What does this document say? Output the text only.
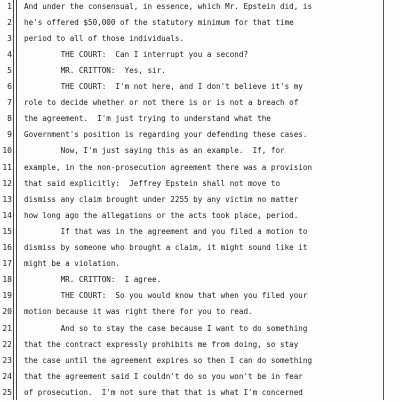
1 And under the consensual, in essence, which Mr. Epstein did, is
2 he's offered $50,000 of the statutory minimum for that time
3 period to all of those individuals.
4 THE COURT:  Can I interrupt you a second?
5 MR. CRITTON:  Yes, sir.
6 THE COURT:  I'm not here, and I don't believe it's my
7 role to decide whether or not there is or is not a breach of
8 the agreement.  I'm just trying to understand what the
9 Government's position is regarding your defending these cases.
10 Now, I'm just saying this as an example.  If, for
11 example, in the non-prosecution agreement there was a provision
12 that said explicitly:  Jeffrey Epstein shall not move to
13 dismiss any claim brought under 2255 by any victim no matter
14 how long ago the allegations or the acts took place, period.
15 If that was in the agreement and you filed a motion to
16 dismiss by someone who brought a claim, it might sound like it
17 might be a violation.
18 MR. CRITTON:  I agree.
19 THE COURT:  So you would know that when you filed your
20 motion because it was right there for you to read.
21 And so to stay the case because I want to do something
22 that the contract expressly prohibits me from doing, so stay
23 the case until the agreement expires so then I can do something
24 that the agreement said I couldn't do so you won't be in fear
25 of prosecution.  I'm not sure that that is what I'm concerned
